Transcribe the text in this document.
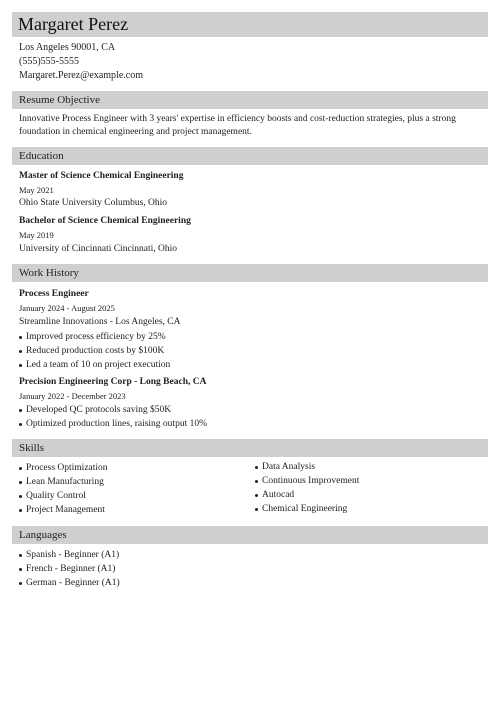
Margaret Perez
Los Angeles 90001, CA
(555)555-5555
Margaret.Perez@example.com
Resume Objective
Innovative Process Engineer with 3 years' expertise in efficiency boosts and cost-reduction strategies, plus a strong
foundation in chemical engineering and project management.
Education
Master of Science Chemical Engineering
May 2021
Ohio State University Columbus, Ohio
Bachelor of Science Chemical Engineering
May 2019
University of Cincinnati Cincinnati, Ohio
Work History
Process Engineer
January 2024 - August 2025
Streamline Innovations - Los Angeles, CA
Improved process efficiency by 25%
Reduced production costs by $100K
Led a team of 10 on project execution
Precision Engineering Corp - Long Beach, CA
January 2022 - December 2023
Developed QC protocols saving $50K
Optimized production lines, raising output 10%
Skills
Process Optimization
Lean Manufacturing
Quality Control
Project Management
Data Analysis
Continuous Improvement
Autocad
Chemical Engineering
Languages
Spanish - Beginner (A1)
French - Beginner (A1)
German - Beginner (A1)
